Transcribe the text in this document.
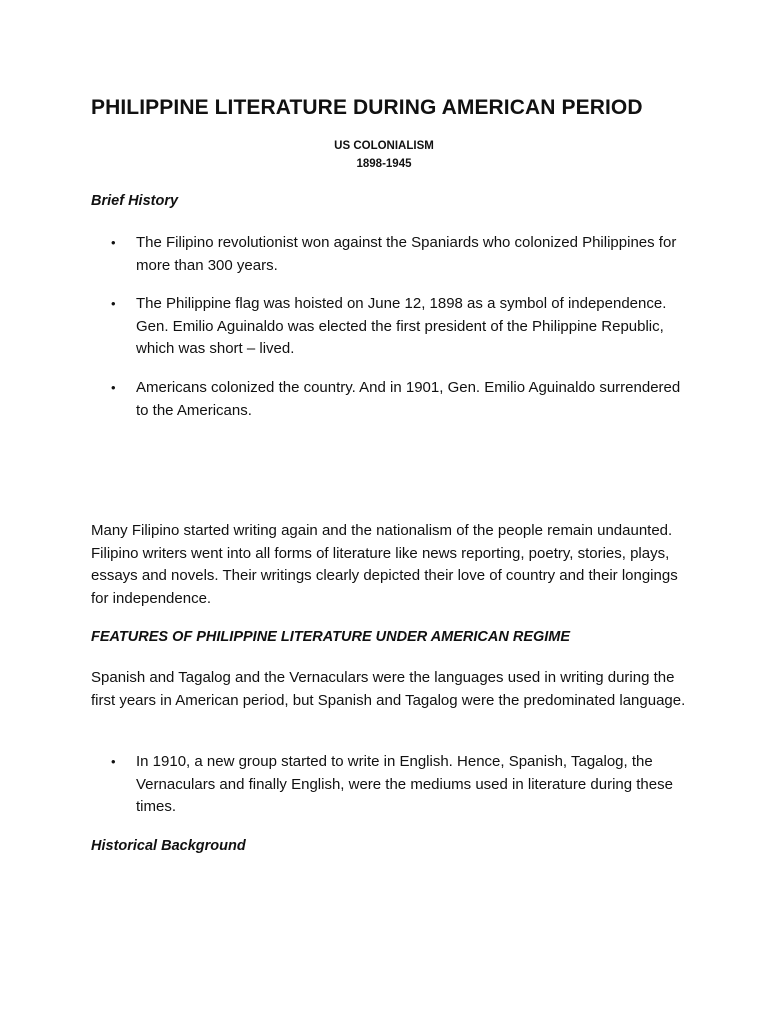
PHILIPPINE LITERATURE DURING AMERICAN PERIOD
US COLONIALISM
1898-1945
Brief History
• The Filipino revolutionist won against the Spaniards who colonized Philippines for more than 300 years.
• The Philippine flag was hoisted on June 12, 1898 as a symbol of independence. Gen. Emilio Aguinaldo was elected the first president of the Philippine Republic, which was short – lived.
• Americans colonized the country. And in 1901, Gen. Emilio Aguinaldo surrendered to the Americans.
Many Filipino started writing again and the nationalism of the people remain undaunted. Filipino writers went into all forms of literature like news reporting, poetry, stories, plays, essays and novels. Their writings clearly depicted their love of country and their longings for independence.
FEATURES OF PHILIPPINE LITERATURE UNDER AMERICAN REGIME
Spanish and Tagalog and the Vernaculars were the languages used in writing during the first years in American period, but Spanish and Tagalog were the predominated language.
• In 1910, a new group started to write in English. Hence, Spanish, Tagalog, the Vernaculars and finally English, were the mediums used in literature during these times.
Historical Background
